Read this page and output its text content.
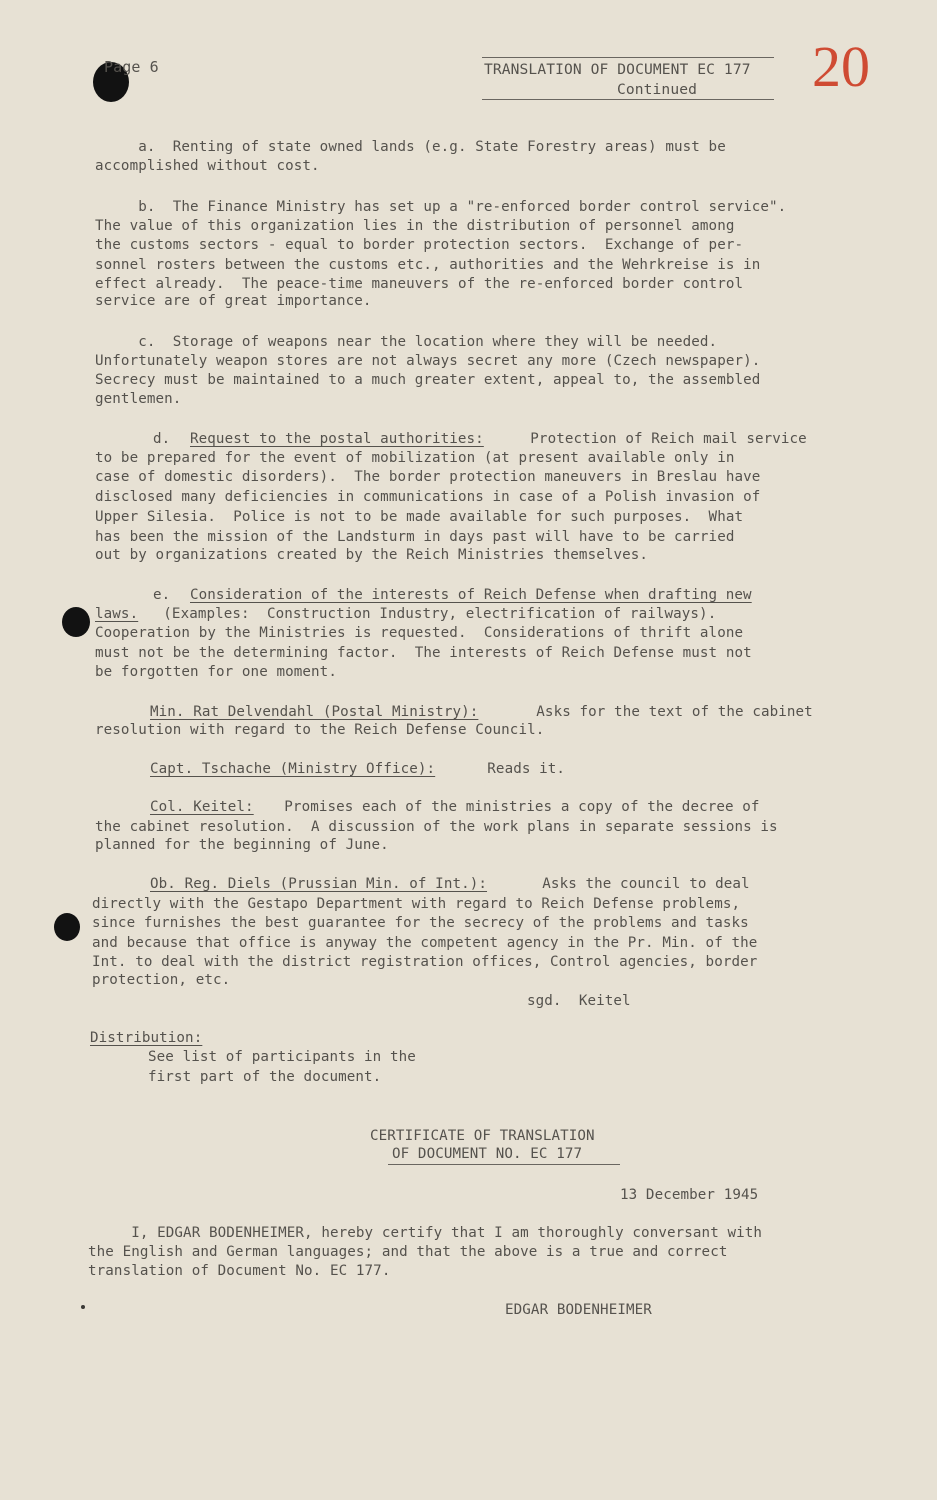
Page 6	TRANSLATION OF DOCUMENT EC 177
Continued 20
a.  Renting of state owned lands (e.g. State Forestry areas) must be
accomplished without cost.
b.  The Finance Ministry has set up a "re-enforced border control service".
The value of this organization lies in the distribution of personnel among
the customs sectors - equal to border protection sectors.  Exchange of per-
sonnel rosters between the customs etc., authorities and the Wehrkreise is in
effect already.  The peace-time maneuvers of the re-enforced border control
service are of great importance.
c.  Storage of weapons near the location where they will be needed.
Unfortunately weapon stores are not always secret any more (Czech newspaper).
Secrecy must be maintained to a much greater extent, appeal to, the assembled
gentlemen.
d. Request to the postal authorities: Protection of Reich mail service
to be prepared for the event of mobilization (at present available only in
case of domestic disorders).  The border protection maneuvers in Breslau have
disclosed many deficiencies in communications in case of a Polish invasion of
Upper Silesia.  Police is not to be made available for such purposes.  What
has been the mission of the Landsturm in days past will have to be carried
out by organizations created by the Reich Ministries themselves.
e. Consideration of the interests of Reich Defense when drafting new
laws. (Examples:  Construction Industry, electrification of railways).
Cooperation by the Ministries is requested.  Considerations of thrift alone
must not be the determining factor.  The interests of Reich Defense must not
be forgotten for one moment.
Min. Rat Delvendahl (Postal Ministry):	Asks for the text of the cabinet
resolution with regard to the Reich Defense Council.
Capt. Tschache (Ministry Office): Reads it.
Col. Keitel: Promises each of the ministries a copy of the decree of
the cabinet resolution.  A discussion of the work plans in separate sessions is
planned for the beginning of June.
Ob. Reg. Diels (Prussian Min. of Int.):	Asks the council to deal
directly with the Gestapo Department with regard to Reich Defense problems,
since furnishes the best guarantee for the secrecy of the problems and tasks
and because that office is anyway the competent agency in the Pr. Min. of the
Int. to deal with the district registration offices, Control agencies, border
protection, etc.
sgd.  Keitel
Distribution:
See list of participants in the
first part of the document.
CERTIFICATE OF TRANSLATION
OF DOCUMENT NO. EC 177
13 December 1945
I, EDGAR BODENHEIMER, hereby certify that I am thoroughly conversant with
the English and German languages; and that the above is a true and correct
translation of Document No. EC 177.
EDGAR BODENHEIMER
